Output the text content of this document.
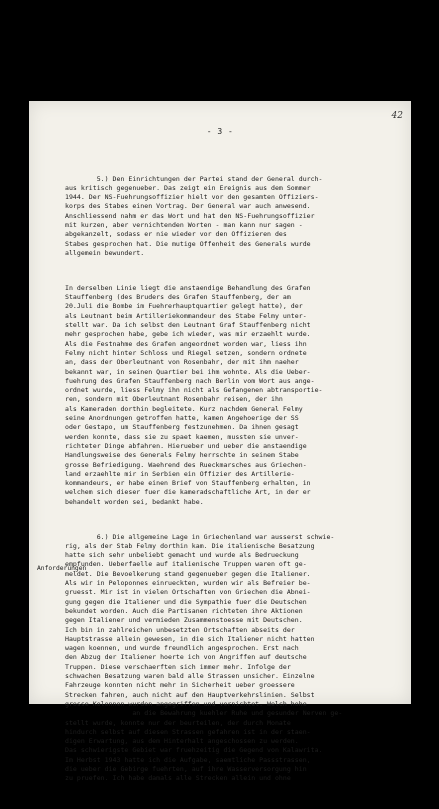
42
- 3 -

5.) Den Einrichtungen der Partei stand der General durch-
aus kritisch gegenueber. Das zeigt ein Ereignis aus dem Sommer
1944. Der NS-Fuehrungsoffizier hielt vor den gesamten Offiziers-
korps des Stabes einen Vortrag. Der General war auch anwesend.
Anschliessend nahm er das Wort und hat den NS-Fuehrungsoffizier
mit kurzen, aber vernichtenden Worten - man kann nur sagen -
abgekanzelt, sodass er nie wieder vor den Offizieren des
Stabes gesprochen hat. Die mutige Offenheit des Generals wurde
allgemein bewundert.

In derselben Linie liegt die anstaendige Behandlung des Grafen
Stauffenberg (des Bruders des Grafen Stauffenberg, der am
20.Juli die Bombe im Fuehrerhauptquartier gelegt hatte), der
als Leutnant beim Artilleriekommandeur des Stabe Felmy unter-
stellt war. Da ich selbst den Leutnant Graf Stauffenberg nicht
mehr gesprochen habe, gebe ich wieder, was mir erzaehlt wurde.
Als die Festnahme des Grafen angeordnet worden war, liess ihn
Felmy nicht hinter Schloss und Riegel setzen, sondern ordnete
an, dass der Oberleutnant von Rosenbahr, der mit ihm naeher
bekannt war, in seinen Quartier bei ihm wohnte. Als die Ueber-
fuehrung des Grafen Stauffenberg nach Berlin vom Wort aus ange-
ordnet wurde, liess Felmy ihn nicht als Gefangenen abtransportie-
ren, sondern mit Oberleutnant Rosenbahr reisen, der ihn
als Kameraden dorthin begleitete. Kurz nachdem General Felmy
seine Anordnungen getroffen hatte, kamen Angehoerige der SS
oder Gestapo, um Stauffenberg festzunehmen. Da ihnen gesagt
werden konnte, dass sie zu spaet kaemen, mussten sie unver-
richteter Dinge abfahren. Hierueber und ueber die anstaendige
Handlungsweise des Generals Felmy herrschte in seinem Stabe
grosse Befriedigung. Waehrend des Rueckmarsches aus Griechen-
land erzaehlte mir in Serbien ein Offizier des Artillerie-
kommandeurs, er habe einen Brief von Stauffenberg erhalten, in
welchem sich dieser fuer die kameradschaftliche Art, in der er
behandelt worden sei, bedankt habe.

6.) Die allgemeine Lage in Griechenland war ausserst schwie-
rig, als der Stab Felmy dorthin kam. Die italienische Besatzung
hatte sich sehr unbeliebt gemacht und wurde als Bedrueckung
empfunden. Ueberfaelle auf italienische Truppen waren oft ge-
meldet. Die Bevoelkerung stand gegenueber gegen die Italiener.
Als wir in Peloponnes einrueckten, wurden wir als Befreier be-
gruesst. Mir ist in vielen Ortschaften von Griechen die Abnei-
gung gegen die Italiener und die Sympathie fuer die Deutschen
bekundet worden. Auch die Partisanen richteten ihre Aktionen
gegen Italiener und vermieden Zusammenstoesse mit Deutschen.
Ich bin in zahlreichen unbesetzten Ortschaften abseits der
Hauptstrasse allein gewesen, in die sich Italiener nicht hatten
wagen koennen, und wurde freundlich angesprochen. Erst nach
den Abzug der Italiener hoerte ich von Angriffen auf deutsche
Truppen. Diese verschaerften sich immer mehr. Infolge der
schwachen Besatzung waren bald alle Strassen unsicher. Einzelne
Fahrzeuge konnten nicht mehr in Sicherheit ueber groessere
Strecken fahren, auch nicht auf den Hauptverkehrslinien. Selbst
grosse Kolonnen wurden angegriffen und vernichtet. Welch hohe
an die Bewahrung kuehler Ruhe und gesunder Nerven ge-
stellt wurde, konnte nur der beurteilen, der durch Monate
hindurch selbst auf diesen Strassen gefahren ist in der staen-
digen Erwartung, aus dem Hinterhalt angeschossen zu werden.
Das schwierigste Gebiet war fruehzeitig die Gegend von Kalawrita.
Im Herbst 1943 hatte ich die Aufgabe, saemtliche Passstrassen,
die ueber die Gebirge fuehrten, auf ihre Wasserversorgung hin
zu pruefen. Ich habe damals alle Strecken allein und ohne

Anforderungen
